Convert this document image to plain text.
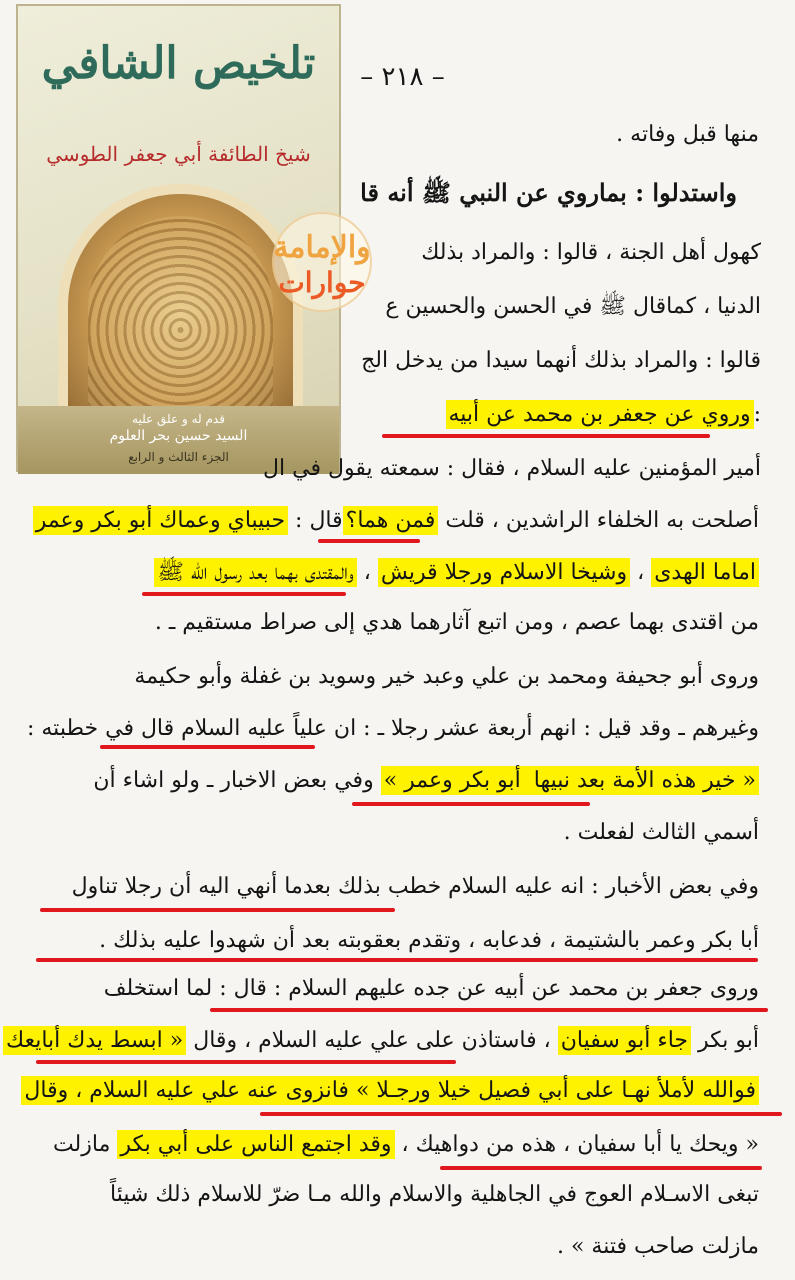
تلخيص الشافي
شيخ الطائفة أبي جعفر الطوسي
قدم له و علق عليه
السيد حسين بحر العلوم
الجزء الثالث و الرابع
والإمامة
حوارات
– ٢١٨ –
منها قبل وفاته .
واستدلوا : بماروي عن النبي ﷺ أنه قا
كهول أهل الجنة ، قالوا : والمراد بذلك
الدنيا ، كماقال ﷺ في الحسن والحسين ع
قالوا : والمراد بذلك أنهما سيدا من يدخل الج
:وروي عن جعفر بن محمد عن أبيه
أمير المؤمنين عليه السلام ، فقال : سمعته يقول في ال
أصلحت به الخلفاء الراشدين ، قلت فمن هما؟قال : حبيباي وعماك أبو بكر وعمر
اماما الهدى ، وشيخا الاسلام ورجلا قريش ، والمقتدى بهما بعد رسول الله ﷺ
من اقتدى بهما عصم ، ومن اتبع آثارهما هدي إلى صراط مستقيم ـ .
وروى أبو جحيفة ومحمد بن علي وعبد خير وسويد بن غفلة وأبو حكيمة
وغيرهم ـ وقد قيل : انهم أربعة عشر رجلا ـ : ان علياً عليه السلام قال في خطبته :
« خير هذه الأمة بعد نبيها أبو بكر وعمر » وفي بعض الاخبار ـ ولو اشاء أن
أسمي الثالث لفعلت .
وفي بعض الأخبار : انه عليه السلام خطب بذلك بعدما أنهي اليه أن رجلا تناول
أبا بكر وعمر بالشتيمة ، فدعابه ، وتقدم بعقوبته بعد أن شهدوا عليه بذلك .
وروى جعفر بن محمد عن أبيه عن جده عليهم السلام : قال : لما استخلف
أبو بكر جاء أبو سفيان ، فاستاذن على علي عليه السلام ، وقال « ابسط يدك أبايعك
فوالله لأملأ نهـا على أبي فصيل خيلا ورجـلا » فانزوى عنه علي عليه السلام ، وقال
« ويحك يا أبا سفيان ، هذه من دواهيك ، وقد اجتمع الناس على أبي بكر مازلت
تبغى الاسـلام العوج في الجاهلية والاسلام والله مـا ضرّ للاسلام ذلك شيئاً
مازلت صاحب فتنة » .
